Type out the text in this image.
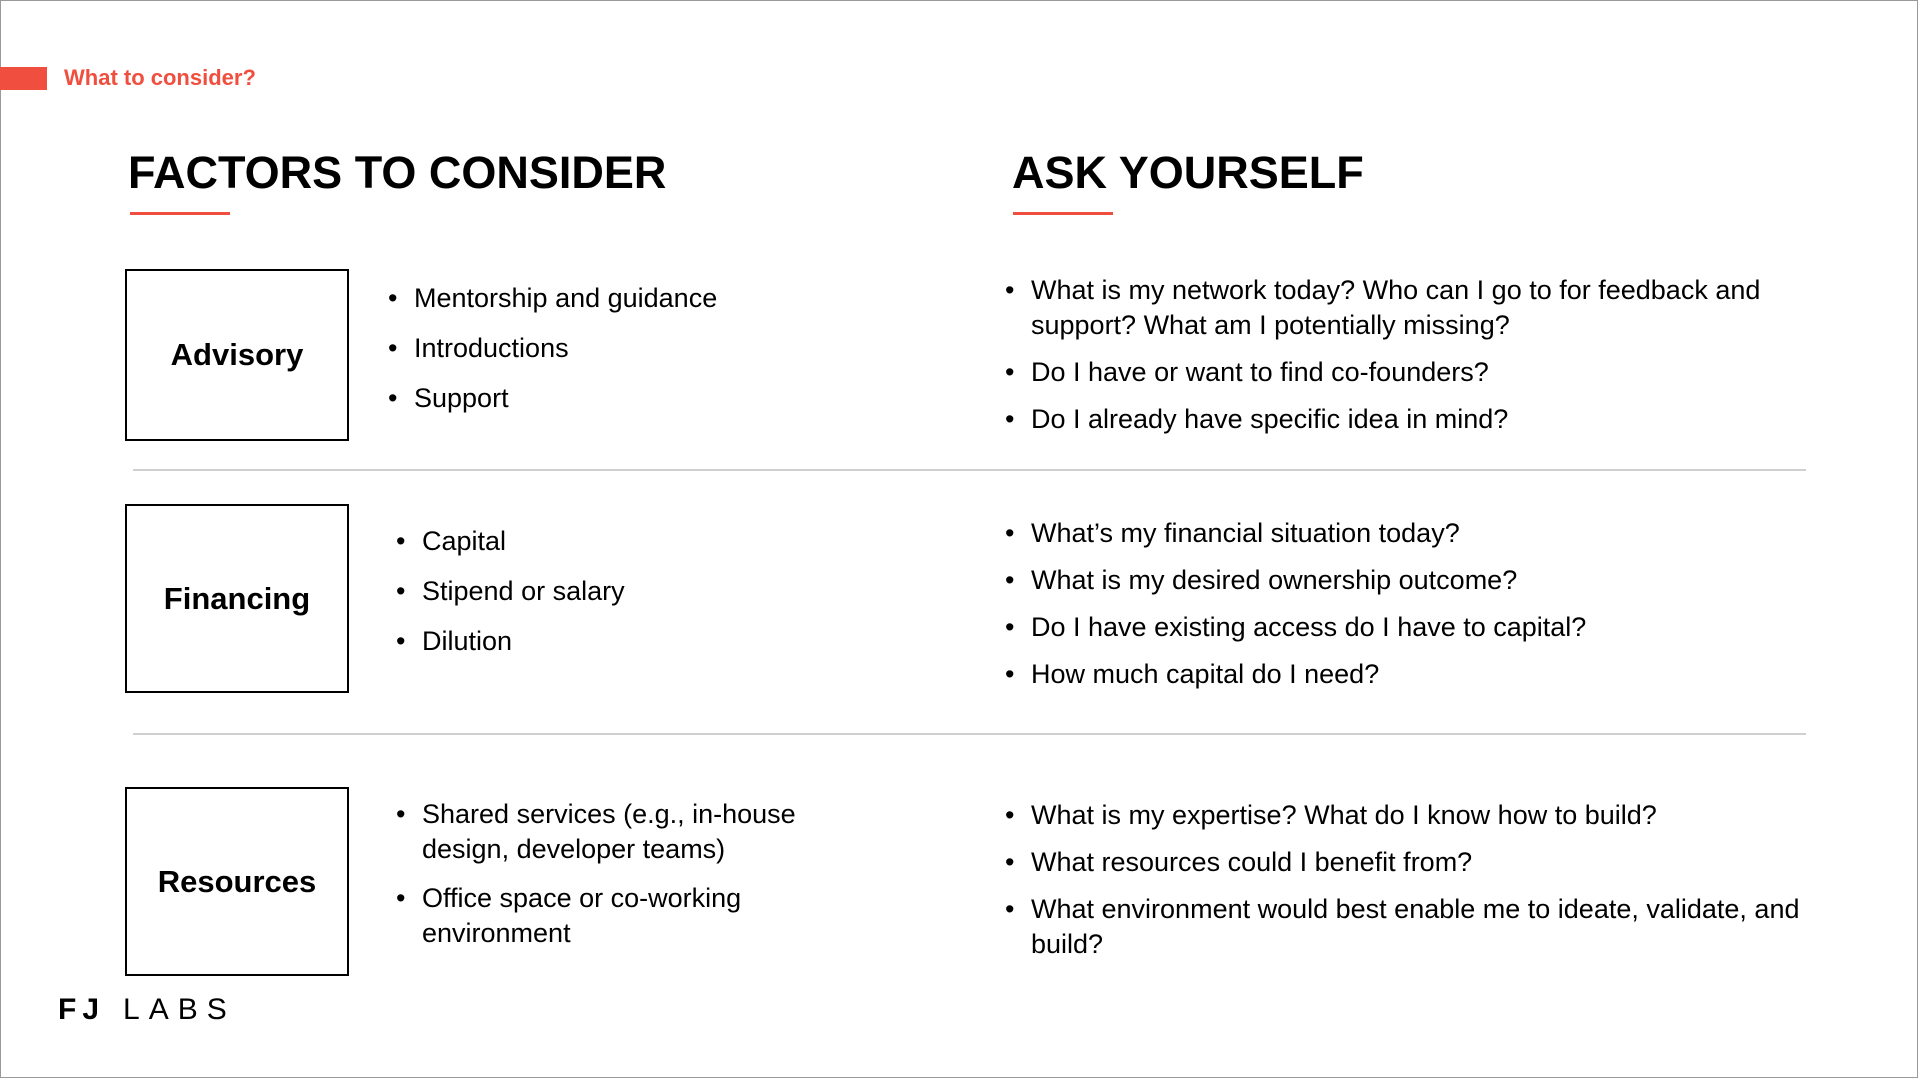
What to consider?
FACTORS TO CONSIDER	ASK YOURSELF
Advisory
• Mentorship and guidance
• Introductions
• Support
• What is my network today? Who can I go to for feedback and support? What am I potentially missing?
• Do I have or want to find co-founders?
• Do I already have specific idea in mind?
Financing
• Capital
• Stipend or salary
• Dilution
• What’s my financial situation today?
• What is my desired ownership outcome?
• Do I have existing access do I have to capital?
• How much capital do I need?
Resources
• Shared services (e.g., in-house design, developer teams)
• Office space or co-working environment
• What is my expertise? What do I know how to build?
• What resources could I benefit from?
• What environment would best enable me to ideate, validate, and build?
FJ LABS
